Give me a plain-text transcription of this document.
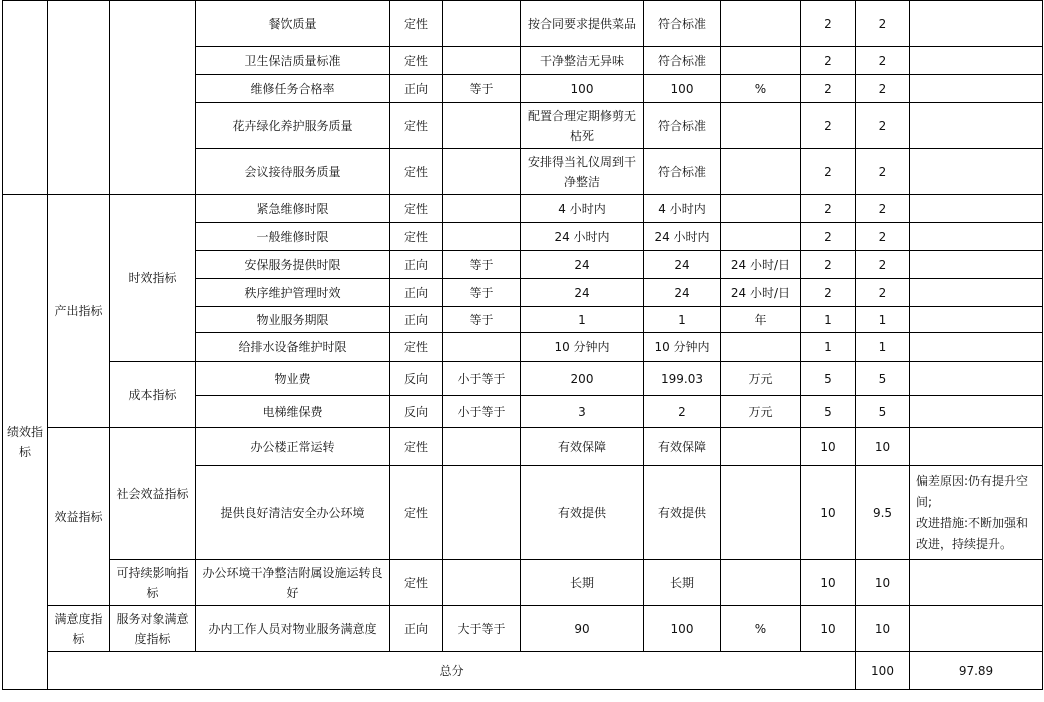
			餐饮质量	定性		按合同要求提供菜品	符合标准		2	2		
			卫生保洁质量标准	定性		干净整洁无异味	符合标准		2	2		
			维修任务合格率	正向	等于	100	100	%	2	2		
			花卉绿化养护服务质量	定性		配置合理定期修剪无枯死	符合标准		2	2		
			会议接待服务质量	定性		安排得当礼仪周到干净整洁	符合标准		2	2		
绩效指标	产出指标	时效指标	紧急维修时限	定性		4 小时内	4 小时内		2	2		
			一般维修时限	定性		24 小时内	24 小时内		2	2		
			安保服务提供时限	正向	等于	24	24	24 小时/日	2	2		
			秩序维护管理时效	正向	等于	24	24	24 小时/日	2	2		
			物业服务期限	正向	等于	1	1	年	1	1		
			给排水设备维护时限	定性		10 分钟内	10 分钟内		1	1		
		成本指标	物业费	反向	小于等于	200	199.03	万元	5	5		
			电梯维保费	反向	小于等于	3	2	万元	5	5		
	效益指标	社会效益指标	办公楼正常运转	定性		有效保障	有效保障		10	10		
			提供良好清洁安全办公环境	定性		有效提供	有效提供		10	9.5	偏差原因:仍有提升空间;
改进措施:不断加强和改进，持续提升。	

		可持续影响指标	办公环境干净整洁附属设施运转良好	定性		长期	长期		10	10		
	满意度指标	服务对象满意度指标	办内工作人员对物业服务满意度	正向	大于等于	90	100	%	10	10		
	总分									100	97.89	
